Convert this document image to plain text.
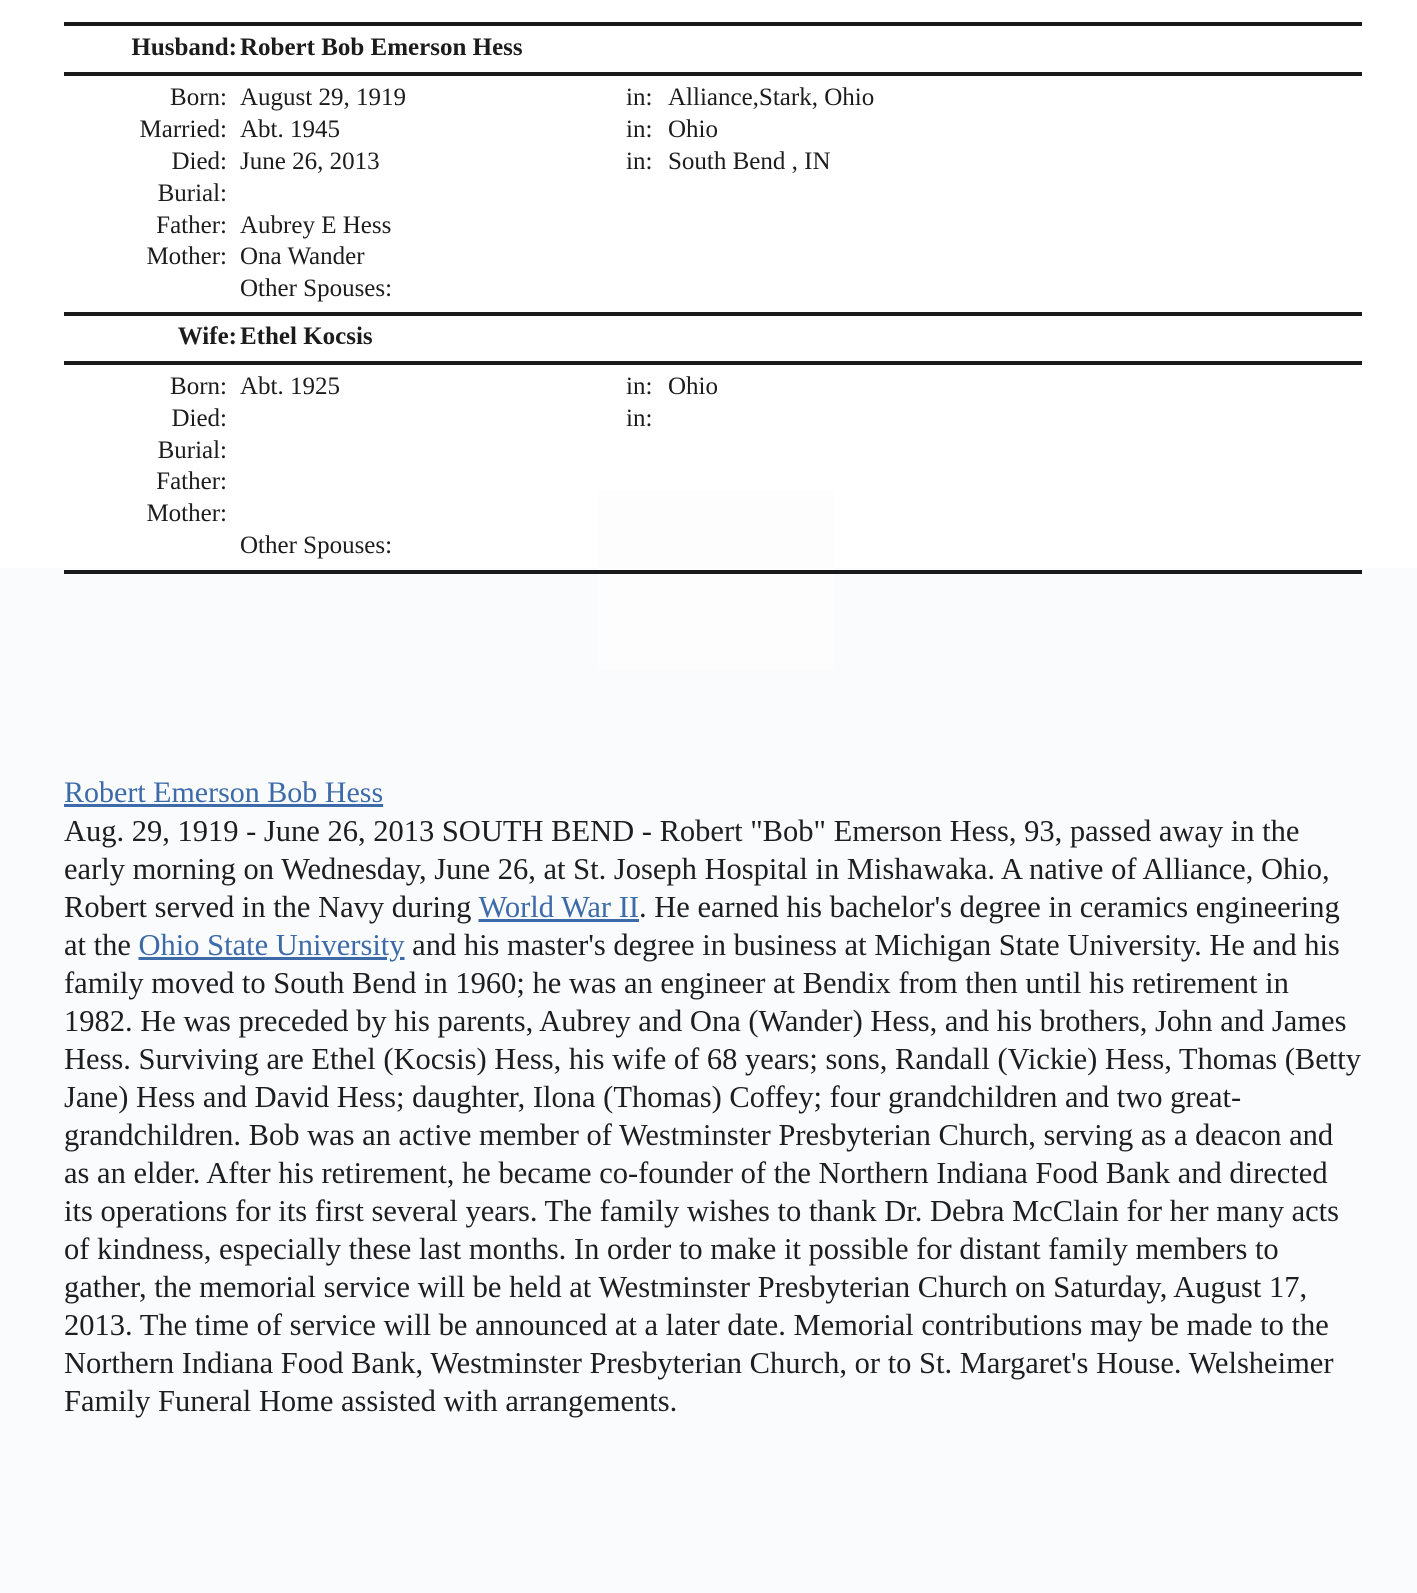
Husband: Robert Bob Emerson Hess
Born: August 29, 1919	in: Alliance,Stark, Ohio
Married: Abt. 1945	in: Ohio
Died: June 26, 2013	in: South Bend , IN
Burial:
Father: Aubrey E Hess
Mother: Ona Wander
Other Spouses:
Wife: Ethel Kocsis
Born: Abt. 1925	in: Ohio
Died:	in:
Burial:
Father:
Mother:
Other Spouses:
Robert Emerson Bob Hess
Aug. 29, 1919 - June 26, 2013 SOUTH BEND - Robert "Bob" Emerson Hess, 93, passed away in the early morning on Wednesday, June 26, at St. Joseph Hospital in Mishawaka. A native of Alliance, Ohio, Robert served in the Navy during World War II. He earned his bachelor's degree in ceramics engineering at the Ohio State University and his master's degree in business at Michigan State University. He and his family moved to South Bend in 1960; he was an engineer at Bendix from then until his retirement in 1982. He was preceded by his parents, Aubrey and Ona (Wander) Hess, and his brothers, John and James Hess. Surviving are Ethel (Kocsis) Hess, his wife of 68 years; sons, Randall (Vickie) Hess, Thomas (Betty Jane) Hess and David Hess; daughter, Ilona (Thomas) Coffey; four grandchildren and two great-grandchildren. Bob was an active member of Westminster Presbyterian Church, serving as a deacon and as an elder. After his retirement, he became co-founder of the Northern Indiana Food Bank and directed its operations for its first several years. The family wishes to thank Dr. Debra McClain for her many acts of kindness, especially these last months. In order to make it possible for distant family members to gather, the memorial service will be held at Westminster Presbyterian Church on Saturday, August 17, 2013. The time of service will be announced at a later date. Memorial contributions may be made to the Northern Indiana Food Bank, Westminster Presbyterian Church, or to St. Margaret's House. Welsheimer Family Funeral Home assisted with arrangements.
